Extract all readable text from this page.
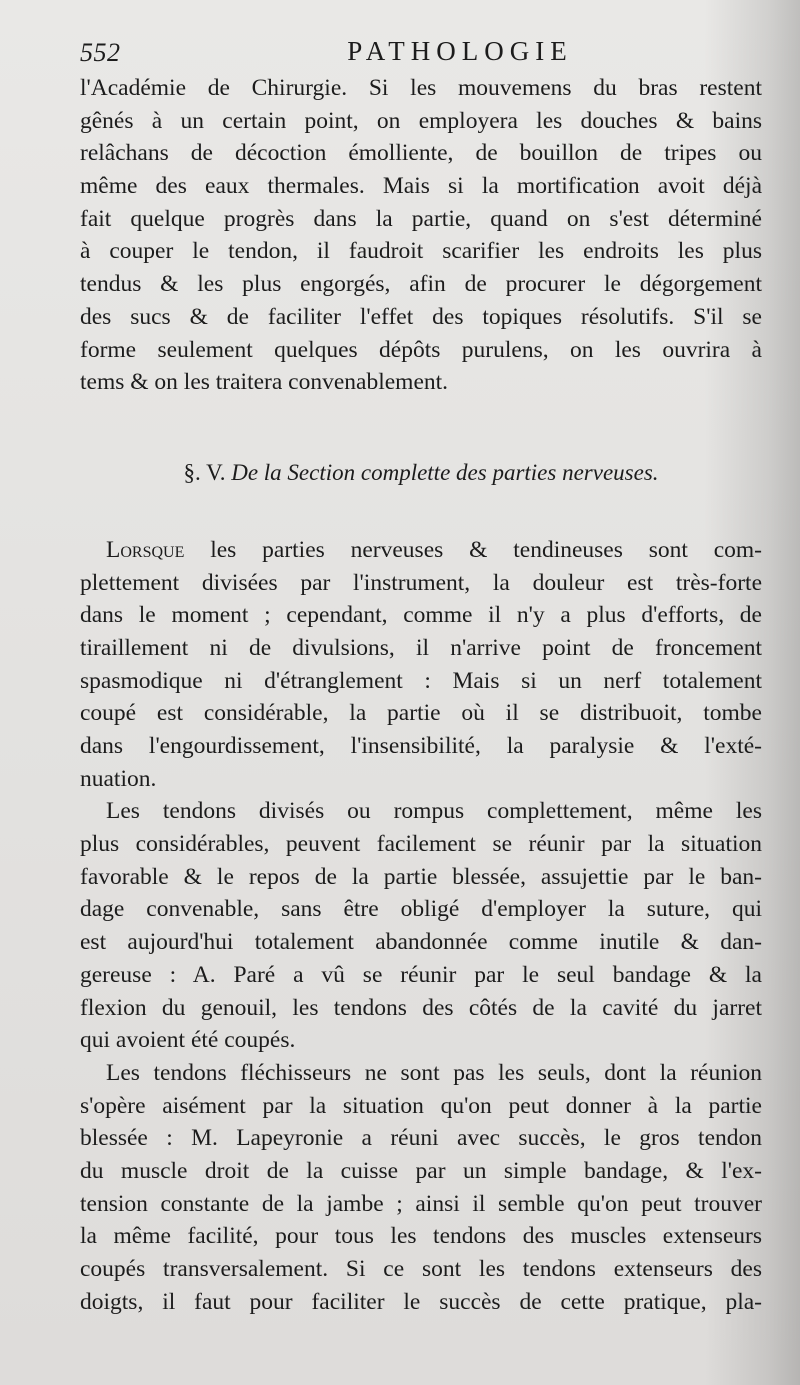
552	PATHOLOGIE
l'Académie de Chirurgie. Si les mouvemens du bras restent
gênés à un certain point, on employera les douches & bains
relâchans de décoction émolliente, de bouillon de tripes ou
même des eaux thermales. Mais si la mortification avoit déjà
fait quelque progrès dans la partie, quand on s'est déterminé
à couper le tendon, il faudroit scarifier les endroits les plus
tendus & les plus engorgés, afin de procurer le dégorgement
des sucs & de faciliter l'effet des topiques résolutifs. S'il se
forme seulement quelques dépôts purulens, on les ouvrira à
tems & on les traitera convenablement.
§. V. De la Section complette des parties nerveuses.
Lorsque les parties nerveuses & tendineuses sont com-
plettement divisées par l'instrument, la douleur est très-forte
dans le moment ; cependant, comme il n'y a plus d'efforts, de
tiraillement ni de divulsions, il n'arrive point de froncement
spasmodique ni d'étranglement : Mais si un nerf totalement
coupé est considérable, la partie où il se distribuoit, tombe
dans l'engourdissement, l'insensibilité, la paralysie & l'exté-
nuation.
Les tendons divisés ou rompus complettement, même les
plus considérables, peuvent facilement se réunir par la situation
favorable & le repos de la partie blessée, assujettie par le ban-
dage convenable, sans être obligé d'employer la suture, qui
est aujourd'hui totalement abandonnée comme inutile & dan-
gereuse : A. Paré a vû se réunir par le seul bandage & la
flexion du genouil, les tendons des côtés de la cavité du jarret
qui avoient été coupés.
Les tendons fléchisseurs ne sont pas les seuls, dont la réunion
s'opère aisément par la situation qu'on peut donner à la partie
blessée : M. Lapeyronie a réuni avec succès, le gros tendon
du muscle droit de la cuisse par un simple bandage, & l'ex-
tension constante de la jambe ; ainsi il semble qu'on peut trouver
la même facilité, pour tous les tendons des muscles extenseurs
coupés transversalement. Si ce sont les tendons extenseurs des
doigts, il faut pour faciliter le succès de cette pratique, pla-
